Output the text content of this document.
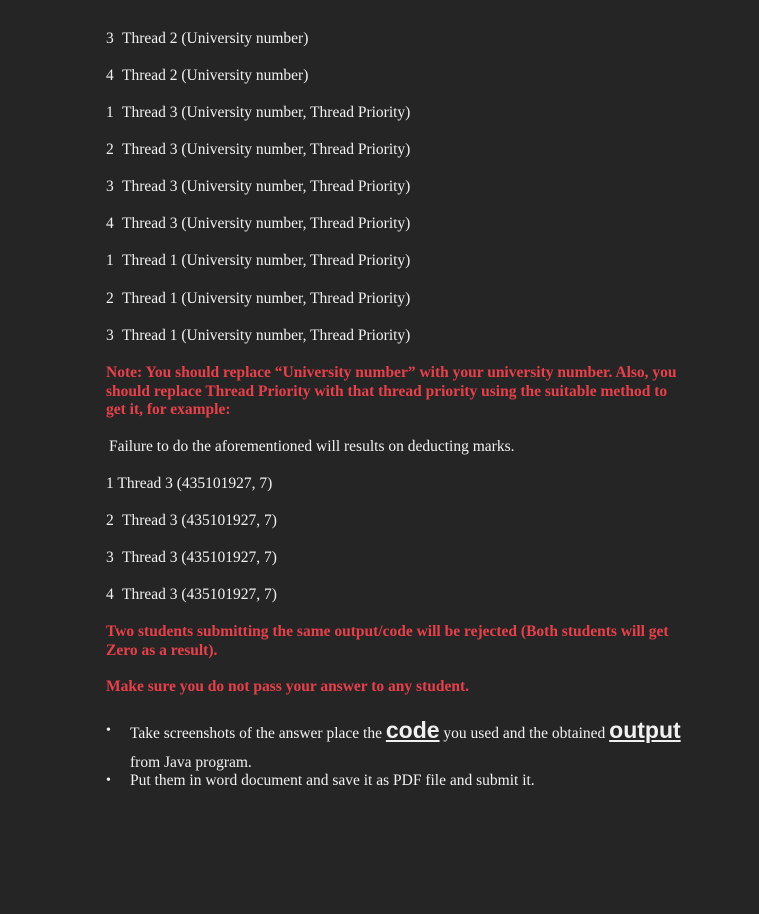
3 Thread 2 (University number)
4 Thread 2 (University number)
1 Thread 3 (University number, Thread Priority)
2 Thread 3 (University number, Thread Priority)
3 Thread 3 (University number, Thread Priority)
4 Thread 3 (University number, Thread Priority)
1 Thread 1 (University number, Thread Priority)
2 Thread 1 (University number, Thread Priority)
3 Thread 1 (University number, Thread Priority)
Note: You should replace “University number” with your university number. Also, you should replace Thread Priority with that thread priority using the suitable method to get it, for example:
Failure to do the aforementioned will results on deducting marks.
1 Thread 3 (435101927, 7)
2 Thread 3 (435101927, 7)
3 Thread 3 (435101927, 7)
4 Thread 3 (435101927, 7)
Two students submitting the same output/code will be rejected (Both students will get Zero as a result).
Make sure you do not pass your answer to any student.
• Take screenshots of the answer place the code you used and the obtained output from Java program.
• Put them in word document and save it as PDF file and submit it.
